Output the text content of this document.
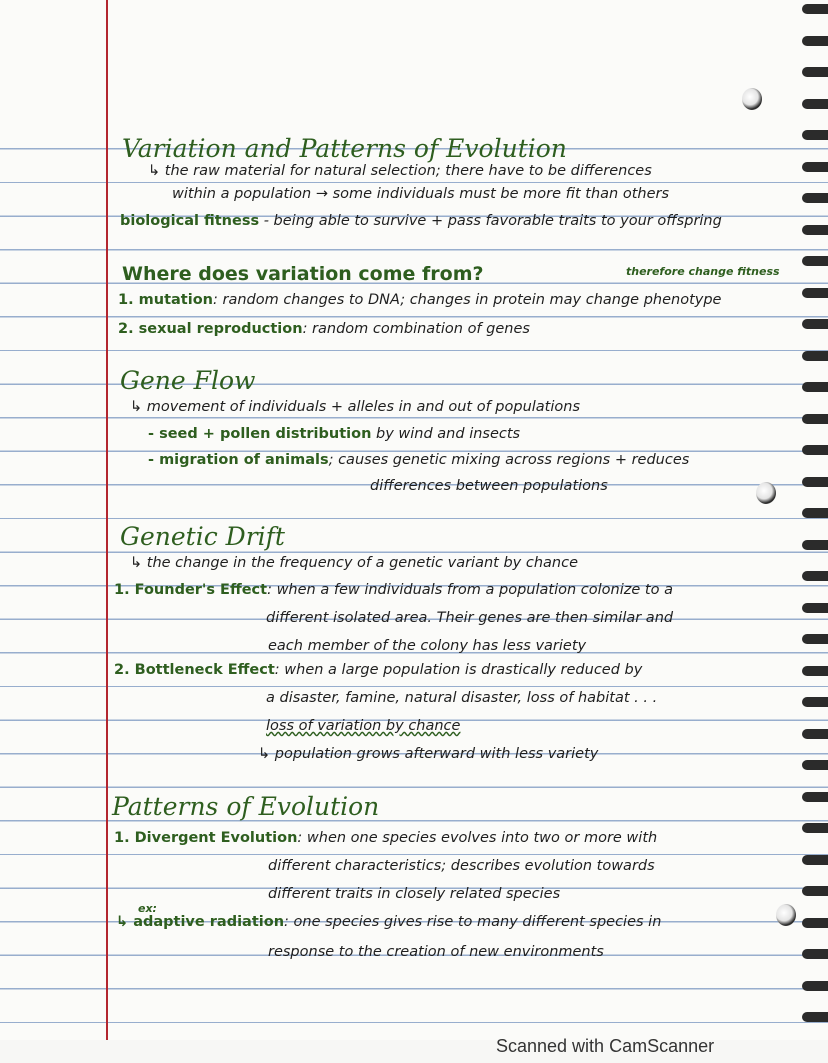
Variation and Patterns of Evolution
↳ the raw material for natural selection; there have to be differences
within a population → some individuals must be more fit than others
biological fitness - being able to survive + pass favorable traits to your offspring
Where does variation come from?	therefore change fitness
1. mutation: random changes to DNA; changes in protein may change phenotype
2. sexual reproduction: random combination of genes
Gene Flow
↳ movement of individuals + alleles in and out of populations
- seed + pollen distribution by wind and insects
- migration of animals; causes genetic mixing across regions + reduces
differences between populations
Genetic Drift
↳ the change in the frequency of a genetic variant by chance
1. Founder's Effect: when a few individuals from a population colonize to a
different isolated area. Their genes are then similar and
each member of the colony has less variety
2. Bottleneck Effect: when a large population is drastically reduced by
a disaster, famine, natural disaster, loss of habitat . . .
loss of variation by chance
↳ population grows afterward with less variety
Patterns of Evolution
1. Divergent Evolution: when one species evolves into two or more with
different characteristics; describes evolution towards
different traits in closely related species
ex:
↳ adaptive radiation: one species gives rise to many different species in
response to the creation of new environments
Scanned with CamScanner
